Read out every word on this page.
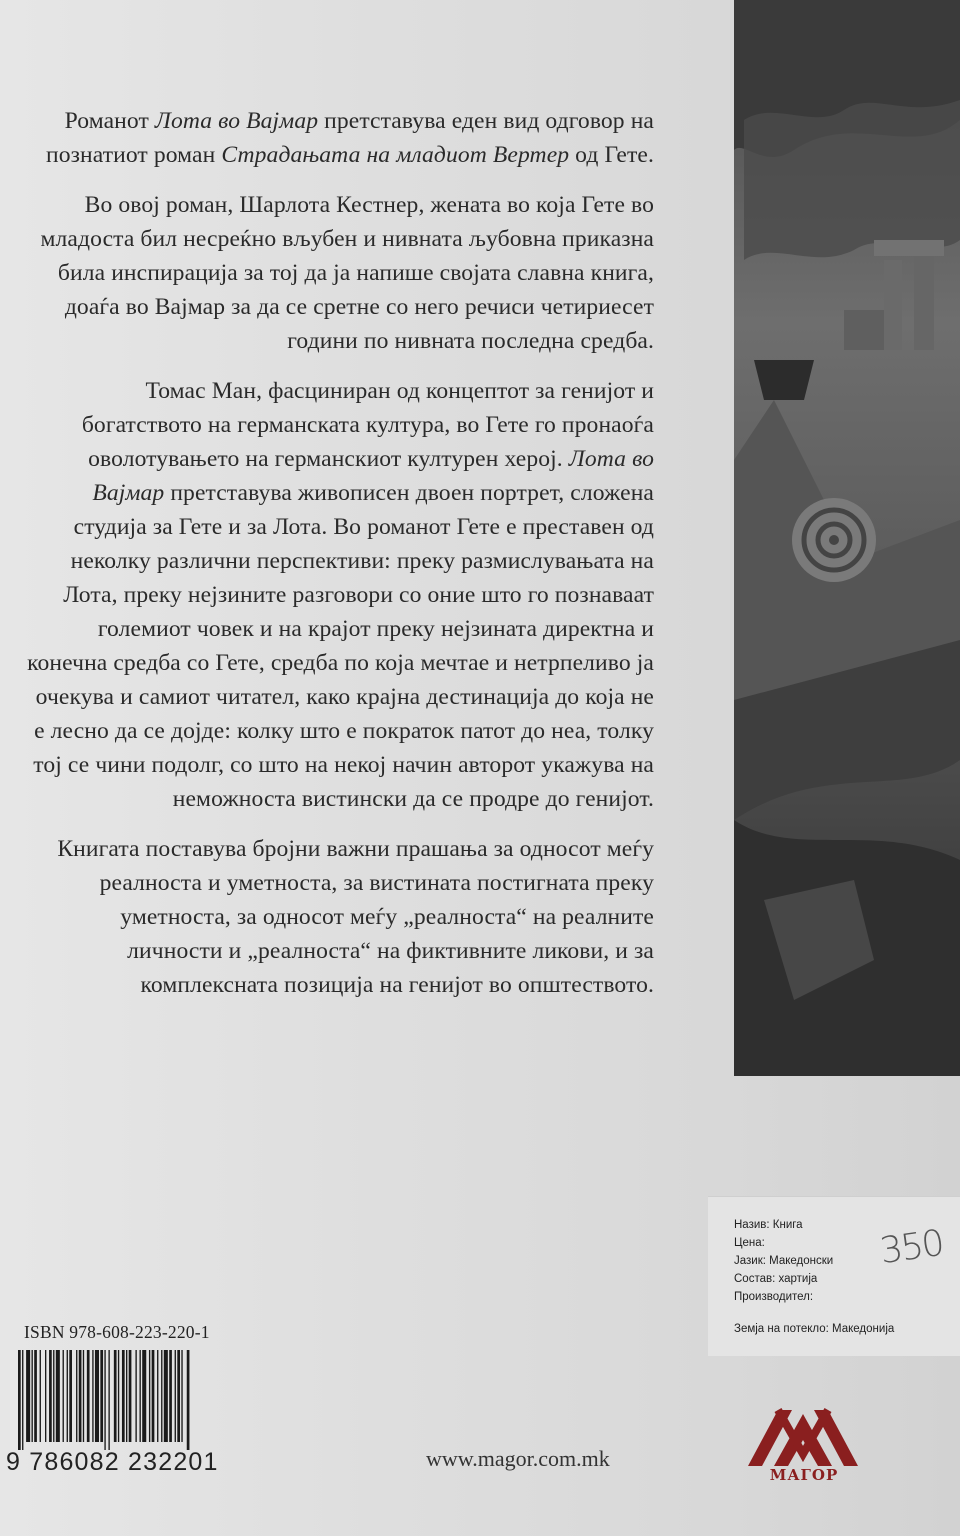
Романот Лота во Вајмар претставува еден вид одговор на познатиот роман Страдањата на младиот Вертер од Гете.

Во овој роман, Шарлота Кестнер, жената во која Гете во младоста бил несреќно вљубен и нивната љубовна приказна била инспирација за тој да ја напише својата славна книга, доаѓа во Вајмар за да се сретне со него речиси четириесет години по нивната последна средба.

Томас Ман, фасциниран од концептот за генијот и богатството на германската култура, во Гете го пронаоѓа оволотувањето на германскиот културен херој. Лота во Вајмар претставува живописен двоен портрет, сложена студија за Гете и за Лота. Во романот Гете е преставен од неколку различни перспективи: преку размислувањата на Лота, преку нејзините разговори со оние што го познаваат големиот човек и на крајот преку нејзината директна и конечна средба со Гете, средба по која мечтае и нетрпеливо ја очекува и самиот читател, како крајна дестинација до која не е лесно да се дојде: колку што е пократок патот до неа, толку тој се чини подолг, со што на некој начин авторот укажува на неможноста вистински да се продре до генијот.

Книгата поставува бројни важни прашања за односот меѓу реалноста и уметноста, за вистината постигната преку уметноста, за односот меѓу „реалноста“ на реалните личности и „реалноста“ на фиктивните ликови, и за комплексната позиција на генијот во општеството.

Назив: Книга
Цена:
Јазик: Македонски
Состав: хартија
Производител:
Земја на потекло: Македонија
350
ISBN 978-608-223-220-1
9 786082 232201	www.magor.com.mk
МАГОР
